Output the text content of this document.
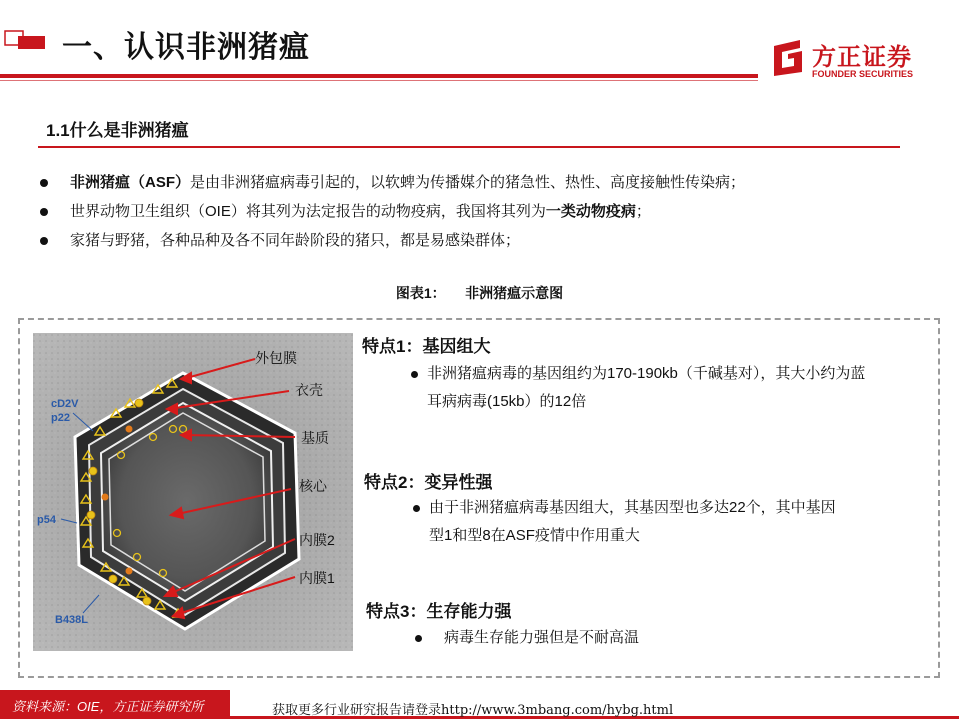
一、认识非洲猪瘟	方正证券
FOUNDER SECURITIES
1.1什么是非洲猪瘟
非洲猪瘟（ASF）是由非洲猪瘟病毒引起的，以软蜱为传播媒介的猪急性、热性、高度接触性传染病；
世界动物卫生组织（OIE）将其列为法定报告的动物疫病，我国将其列为一类动物疫病；
家猪与野猪，各种品种及各不同年龄阶段的猪只，都是易感染群体；
图表1：     非洲猪瘟示意图
外包膜
衣壳
基质
核心
内膜2
内膜1
cD2V
p22
p54
B438L
特点1：基因组大
非洲猪瘟病毒的基因组约为170-190kb（千碱基对），其大小约为蓝
耳病病毒(15kb）的12倍
特点2：变异性强
由于非洲猪瘟病毒基因组大，其基因型也多达22个，其中基因
型1和型8在ASF疫情中作用重大
特点3：生存能力强
病毒生存能力强但是不耐高温
资料来源：OIE，方正证券研究所	获取更多行业研究报告请登录http://www.3mbang.com/hybg.html
